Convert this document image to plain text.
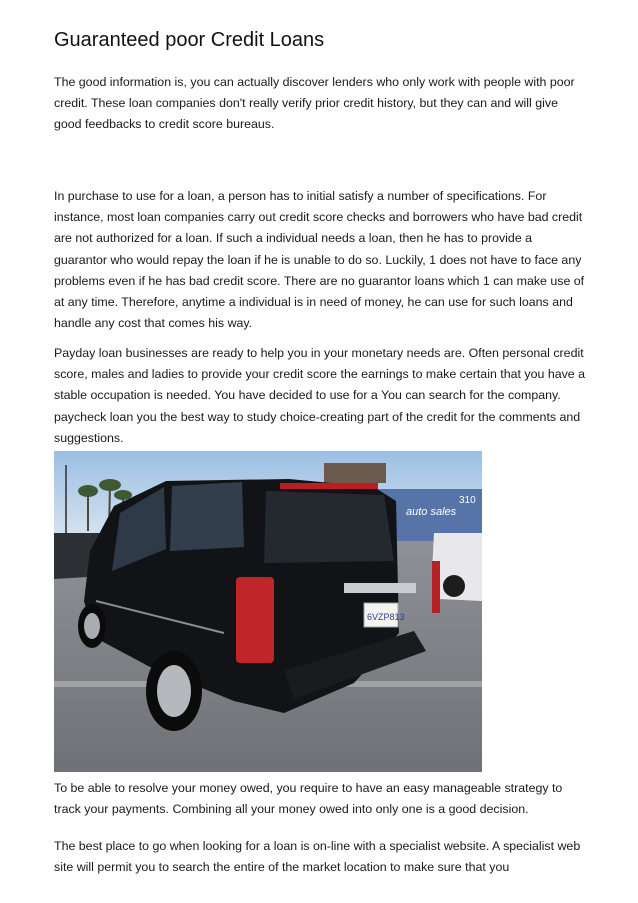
Guaranteed poor Credit Loans

The good information is, you can actually discover lenders who only work with people with poor credit. These loan companies don't really verify prior credit history, but they can and will give good feedbacks to credit score bureaus.

In purchase to use for a loan, a person has to initial satisfy a number of specifications. For instance, most loan companies carry out credit score checks and borrowers who have bad credit are not authorized for a loan. If such a individual needs a loan, then he has to provide a guarantor who would repay the loan if he is unable to do so. Luckily, 1 does not have to face any problems even if he has bad credit score. There are no guarantor loans which 1 can make use of at any time. Therefore, anytime a individual is in need of money, he can use for such loans and handle any cost that comes his way.

Payday loan businesses are ready to help you in your monetary needs are. Often personal credit score, males and ladies to provide your credit score the earnings to make certain that you have a stable occupation is needed. You have decided to use for a You can search for the company. paycheck loan you the best way to study choice-creating part of the credit for the comments and suggestions.

auto sales
310
6VZP813

To be able to resolve your money owed, you require to have an easy manageable strategy to track your payments. Combining all your money owed into only one is a good decision.

The best place to go when looking for a loan is on-line with a specialist website. A specialist web site will permit you to search the entire of the market location to make sure that you
